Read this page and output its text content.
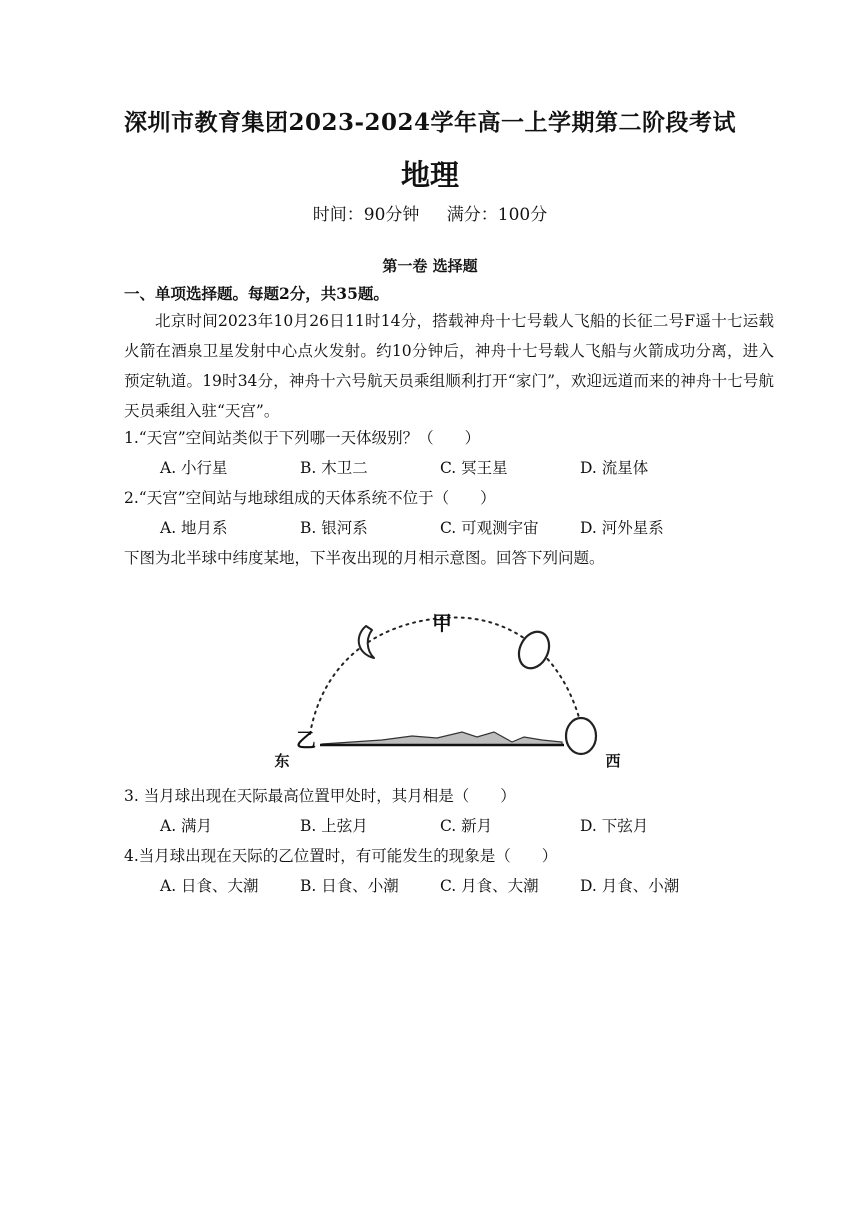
深圳市教育集团2023-2024学年高一上学期第二阶段考试
地理
时间：90分钟 满分：100分
第一卷 选择题
一、单项选择题。每题2分，共35题。
北京时间2023年10月26日11时14分，搭载神舟十七号载人飞船的长征二号F遥十七运载火箭在酒泉卫星发射中心点火发射。约10分钟后，神舟十七号载人飞船与火箭成功分离，进入预定轨道。19时34分，神舟十六号航天员乘组顺利打开“家门”，欢迎远道而来的神舟十七号航天员乘组入驻“天宫”。
1.“天宫”空间站类似于下列哪一天体级别？（　　）
A. 小行星	B. 木卫二	C. 冥王星	D. 流星体
2.“天宫”空间站与地球组成的天体系统不位于（　　）
A. 地月系	B. 银河系	C. 可观测宇宙	D. 河外星系
下图为北半球中纬度某地，下半夜出现的月相示意图。回答下列问题。
甲
乙
东	西
3. 当月球出现在天际最高位置甲处时，其月相是（　　）
A. 满月	B. 上弦月	C. 新月	D. 下弦月
4.当月球出现在天际的乙位置时，有可能发生的现象是（　　）
A. 日食、大潮	B. 日食、小潮	C. 月食、大潮	D. 月食、小潮
